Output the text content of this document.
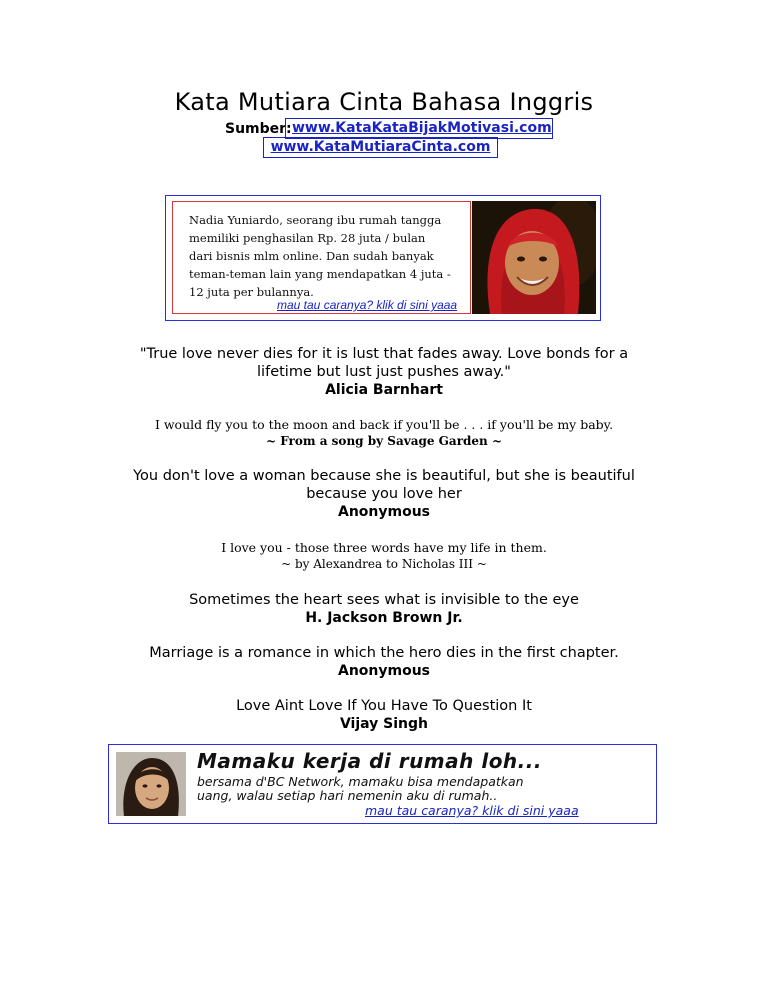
Kata Mutiara Cinta Bahasa Inggris
Sumber: www.KataKataBijakMotivasi.com
www.KataMutiaraCinta.com
Nadia Yuniardo, seorang ibu rumah tangga
memiliki penghasilan Rp. 28 juta / bulan
dari bisnis mlm online. Dan sudah banyak
teman-teman lain yang mendapatkan 4 juta -
12 juta per bulannya.
mau tau caranya? klik di sini yaaa
"True love never dies for it is lust that fades away. Love bonds for a
lifetime but lust just pushes away."
Alicia Barnhart
I would fly you to the moon and back if you'll be . . . if you'll be my baby.
~ From a song by Savage Garden ~
You don't love a woman because she is beautiful, but she is beautiful
because you love her
Anonymous
I love you - those three words have my life in them.
~ by Alexandrea to Nicholas III ~
Sometimes the heart sees what is invisible to the eye
H. Jackson Brown Jr.
Marriage is a romance in which the hero dies in the first chapter.
Anonymous
Love Aint Love If You Have To Question It
Vijay Singh
Mamaku kerja di rumah loh...
bersama d'BC Network, mamaku bisa mendapatkan
uang, walau setiap hari nemenin aku di rumah..
mau tau caranya? klik di sini yaaa
